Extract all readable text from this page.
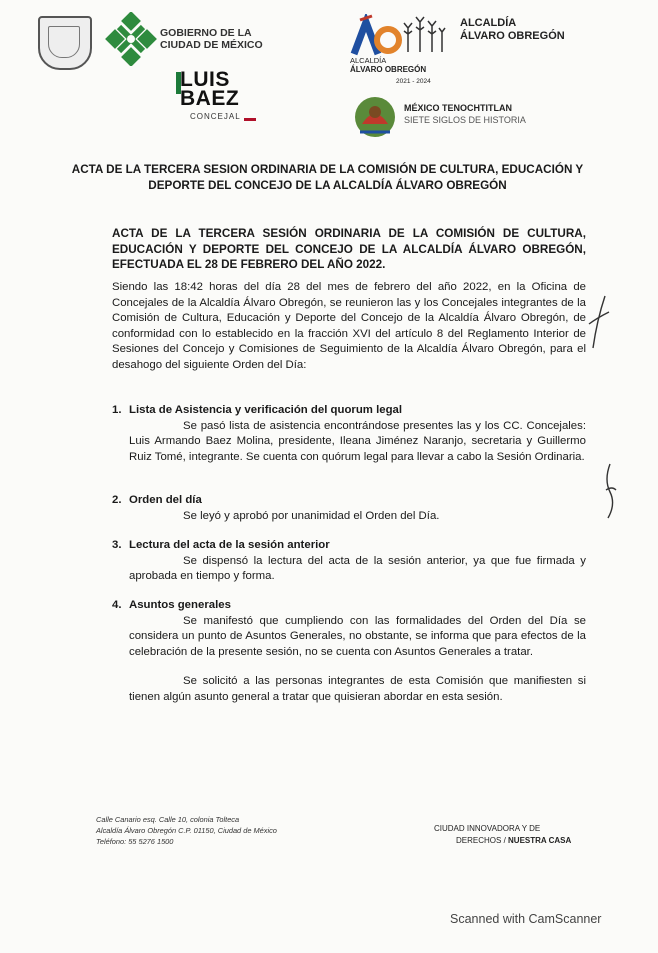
GOBIERNO DE LA
CIUDAD DE MÉXICO
LUIS
BAEZ
CONCEJAL
ALCALDÍA
ÁLVARO OBREGÓN
2021 - 2024
ALCALDÍA
ÁLVARO OBREGÓN
MÉXICO TENOCHTITLAN
SIETE SIGLOS DE HISTORIA
ACTA DE LA TERCERA SESION ORDINARIA DE LA COMISIÓN DE CULTURA, EDUCACIÓN Y DEPORTE DEL CONCEJO DE LA ALCALDÍA ÁLVARO OBREGÓN
ACTA DE LA TERCERA SESIÓN ORDINARIA DE LA COMISIÓN DE CULTURA, EDUCACIÓN Y DEPORTE DEL CONCEJO DE LA ALCALDÍA ÁLVARO OBREGÓN, EFECTUADA EL 28 DE FEBRERO DEL AÑO 2022.
Siendo las 18:42 horas del día 28 del mes de febrero del año 2022, en la Oficina de Concejales de la Alcaldía Álvaro Obregón, se reunieron las y los Concejales integrantes de la Comisión de Cultura, Educación y Deporte del Concejo de la Alcaldía Álvaro Obregón, de conformidad con lo establecido en la fracción XVI del artículo 8 del Reglamento Interior de Sesiones del Concejo y Comisiones de Seguimiento de la Alcaldía Álvaro Obregón, para el desahogo del siguiente Orden del Día:
1. Lista de Asistencia y verificación del quorum legal
Se pasó lista de asistencia encontrándose presentes las y los CC. Concejales: Luis Armando Baez Molina, presidente, Ileana Jiménez Naranjo, secretaria y Guillermo Ruiz Tomé, integrante. Se cuenta con quórum legal para llevar a cabo la Sesión Ordinaria.
2. Orden del día
Se leyó y aprobó por unanimidad el Orden del Día.
3. Lectura del acta de la sesión anterior
Se dispensó la lectura del acta de la sesión anterior, ya que fue firmada y aprobada en tiempo y forma.
4. Asuntos generales
Se manifestó que cumpliendo con las formalidades del Orden del Día se considera un punto de Asuntos Generales, no obstante, se informa que para efectos de la celebración de la presente sesión, no se cuenta con Asuntos Generales a tratar.
Se solicitó a las personas integrantes de esta Comisión que manifiesten si tienen algún asunto general a tratar que quisieran abordar en esta sesión.
Calle Canario esq. Calle 10, colonia Tolteca
Alcaldía Álvaro Obregón C.P. 01150, Ciudad de México
Teléfono: 55 5276 1500
CIUDAD INNOVADORA Y DE
DERECHOS / NUESTRA CASA
Scanned with CamScanner
